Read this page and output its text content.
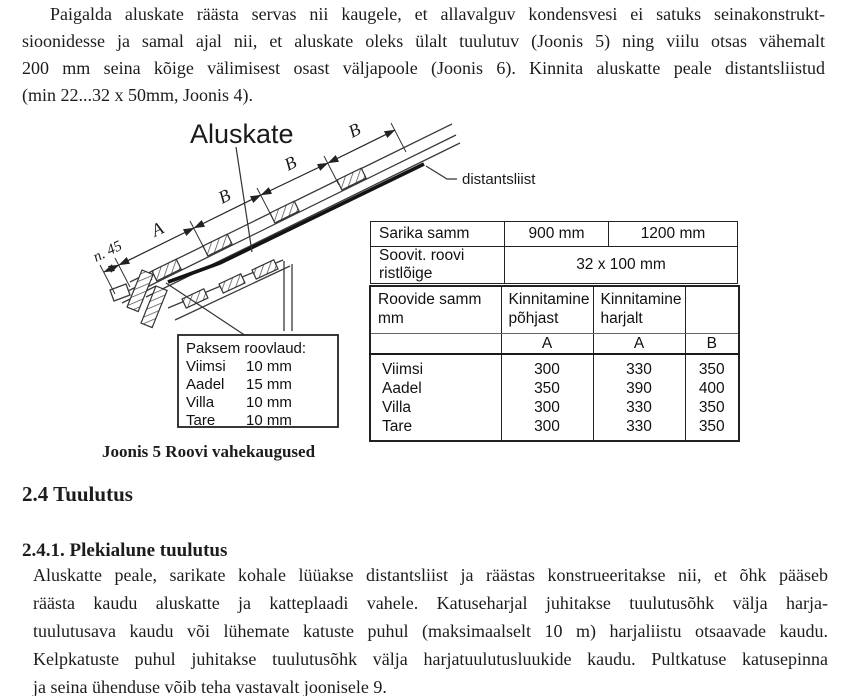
Paigalda aluskate räästa servas nii kaugele, et allavalguv kondensvesi ei satuks seinakonstrukt-
sioonidesse ja samal ajal nii, et aluskate oleks ülalt tuulutuv (Joonis 5) ning viilu otsas vähemalt
200 mm seina kõige välimisest osast väljapoole (Joonis 6). Kinnita aluskatte peale distantsliistud
(min 22...32 x 50mm, Joonis 4).
Aluskate
distantsliist
n. 45
A
B
B
B
Paksem roovlaud:
Viimsi 10 mm
Aadel 15 mm
Villa 10 mm
Tare 10 mm
Sarika samm	900 mm	1200 mm
Soovit. roovi ristlõige	32 x 100 mm	
Roovide samm mm	Kinnitamine põhjast	Kinnitamine harjalt	
	A	A	B
Viimsi	300	330	350
Aadel	350	390	400
Villa	300	330	350
Tare	300	330	350
Joonis 5 Roovi vahekaugused
2.4 Tuulutus
2.4.1. Plekialune tuulutus
Aluskatte peale, sarikate kohale lüüakse distantsliist ja räästas konstrueeritakse nii, et õhk pääseb
räästa kaudu aluskatte ja katteplaadi vahele. Katuseharjal juhitakse tuulutusõhk välja harja-
tuulutusava kaudu või lühemate katuste puhul (maksimaalselt 10 m) harjaliistu otsaavade kaudu.
Kelpkatuste puhul juhitakse tuulutusõhk välja harjatuulutusluukide kaudu. Pultkatuse katusepinna
ja seina ühenduse võib teha vastavalt joonisele 9.
